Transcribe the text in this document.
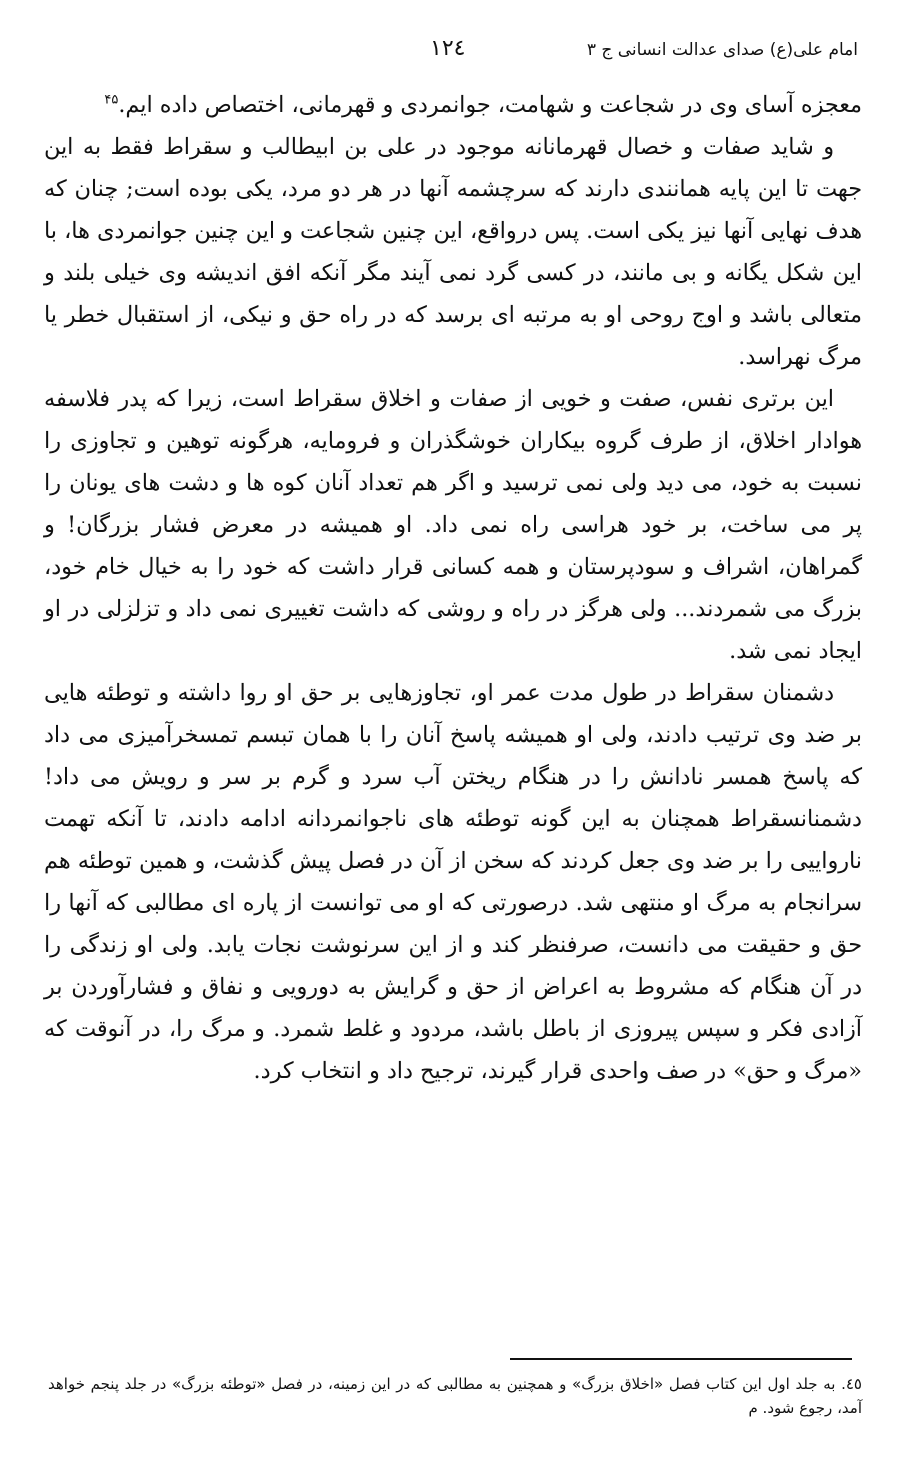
امام علی(ع) صدای عدالت انسانی ج ۳
۱۲٤

معجزه آسای وی در شجاعت و شهامت، جوانمردی و قهرمانی، اختصاص داده ایم.$^{۴۵}$

و شاید صفات و خصال قهرمانانه موجود در علی بن ابیطالب و سقراط فقط به این جهت تا این پایه همانندی دارند که سرچشمه آنها در هر دو مرد، یکی بوده است; چنان که هدف نهایی آنها نیز یکی است. پس درواقع، این چنین شجاعت و این چنین جوانمردی ها، با این شکل یگانه و بی مانند، در کسی گرد نمی آیند مگر آنکه افق اندیشه وی خیلی بلند و متعالی باشد و اوج روحی او به مرتبه ای برسد که در راه حق و نیکی، از استقبال خطر یا مرگ نهراسد.

این برتری نفس، صفت و خویی از صفات و اخلاق سقراط است، زیرا که پدر فلاسفه هوادار اخلاق، از طرف گروه بیکاران خوشگذران و فرومایه، هرگونه توهین و تجاوزی را نسبت به خود، می دید ولی نمی ترسید و اگر هم تعداد آنان کوه ها و دشت های یونان را پر می ساخت، بر خود هراسی راه نمی داد. او همیشه در معرض فشار بزرگان! و گمراهان، اشراف و سودپرستان و همه کسانی قرار داشت که خود را به خیال خام خود، بزرگ می شمردند... ولی هرگز در راه و روشی که داشت تغییری نمی داد و تزلزلی در او ایجاد نمی شد.

دشمنان سقراط در طول مدت عمر او، تجاوزهایی بر حق او روا داشته و توطئه هایی بر ضد وی ترتیب دادند، ولی او همیشه پاسخ آنان را با همان تبسم تمسخرآمیزی می داد که پاسخ همسر نادانش را در هنگام ریختن آب سرد و گرم بر سر و رویش می داد! دشمنانسقراط همچنان به این گونه توطئه های ناجوانمردانه ادامه دادند، تا آنکه تهمت نارواییی را بر ضد وی جعل کردند که سخن از آن در فصل پیش گذشت، و همین توطئه هم سرانجام به مرگ او منتهی شد. درصورتی که او می توانست از پاره ای مطالبی که آنها را حق و حقیقت می دانست، صرفنظر کند و از این سرنوشت نجات یابد. ولی او زندگی را در آن هنگام که مشروط به اعراض از حق و گرایش به دورویی و نفاق و فشارآوردن بر آزادی فکر و سپس پیروزی از باطل باشد، مردود و غلط شمرد. و مرگ را، در آنوقت که «مرگ و حق» در صف واحدی قرار گیرند، ترجیح داد و انتخاب کرد.

٤٥. به جلد اول این کتاب فصل «اخلاق بزرگ» و همچنین به مطالبی که در این زمینه، در فصل «توطئه بزرگ» در جلد پنجم خواهد آمد، رجوع شود. م
